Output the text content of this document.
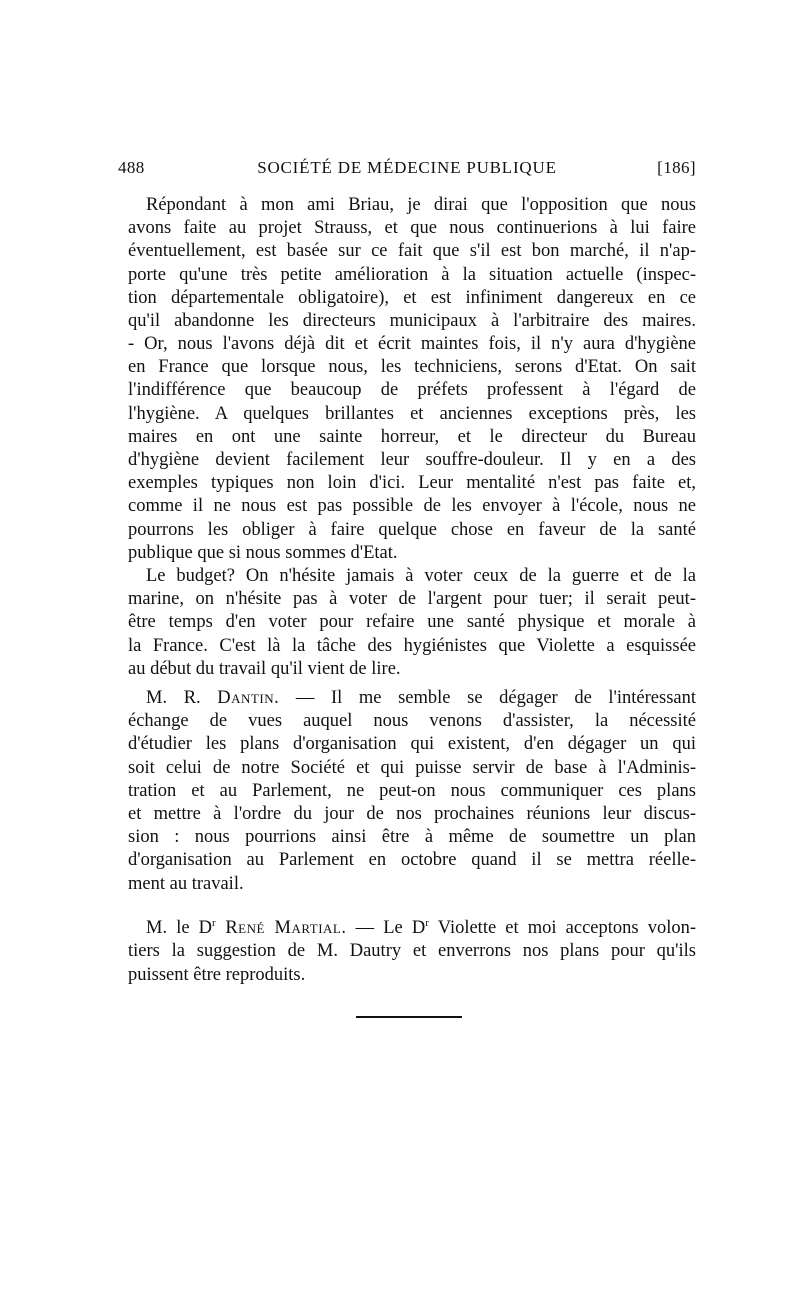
488	SOCIÉTÉ DE MÉDECINE PUBLIQUE	[186]
Répondant à mon ami Briau, je dirai que l'opposition que nous
avons faite au projet Strauss, et que nous continuerions à lui faire
éventuellement, est basée sur ce fait que s'il est bon marché, il n'ap-
porte qu'une très petite amélioration à la situation actuelle (inspec-
tion départementale obligatoire), et est infiniment dangereux en ce
qu'il abandonne les directeurs municipaux à l'arbitraire des maires.
- Or, nous l'avons déjà dit et écrit maintes fois, il n'y aura d'hygiène
en France que lorsque nous, les techniciens, serons d'Etat. On sait
l'indifférence que beaucoup de préfets professent à l'égard de
l'hygiène. A quelques brillantes et anciennes exceptions près, les
maires en ont une sainte horreur, et le directeur du Bureau
d'hygiène devient facilement leur souffre-douleur. Il y en a des
exemples typiques non loin d'ici. Leur mentalité n'est pas faite et,
comme il ne nous est pas possible de les envoyer à l'école, nous ne
pourrons les obliger à faire quelque chose en faveur de la santé
publique que si nous sommes d'Etat.
Le budget? On n'hésite jamais à voter ceux de la guerre et de la
marine, on n'hésite pas à voter de l'argent pour tuer; il serait peut-
être temps d'en voter pour refaire une santé physique et morale à
la France. C'est là la tâche des hygiénistes que Violette a esquissée
au début du travail qu'il vient de lire.
M. R. Dantin. — Il me semble se dégager de l'intéressant
échange de vues auquel nous venons d'assister, la nécessité
d'étudier les plans d'organisation qui existent, d'en dégager un qui
soit celui de notre Société et qui puisse servir de base à l'Adminis-
tration et au Parlement, ne peut-on nous communiquer ces plans
et mettre à l'ordre du jour de nos prochaines réunions leur discus-
sion : nous pourrions ainsi être à même de soumettre un plan
d'organisation au Parlement en octobre quand il se mettra réelle-
ment au travail.
M. le $D^r$ René Martial. — Le $D^r$ Violette et moi acceptons volon-
tiers la suggestion de M. Dautry et enverrons nos plans pour qu'ils
puissent être reproduits.
